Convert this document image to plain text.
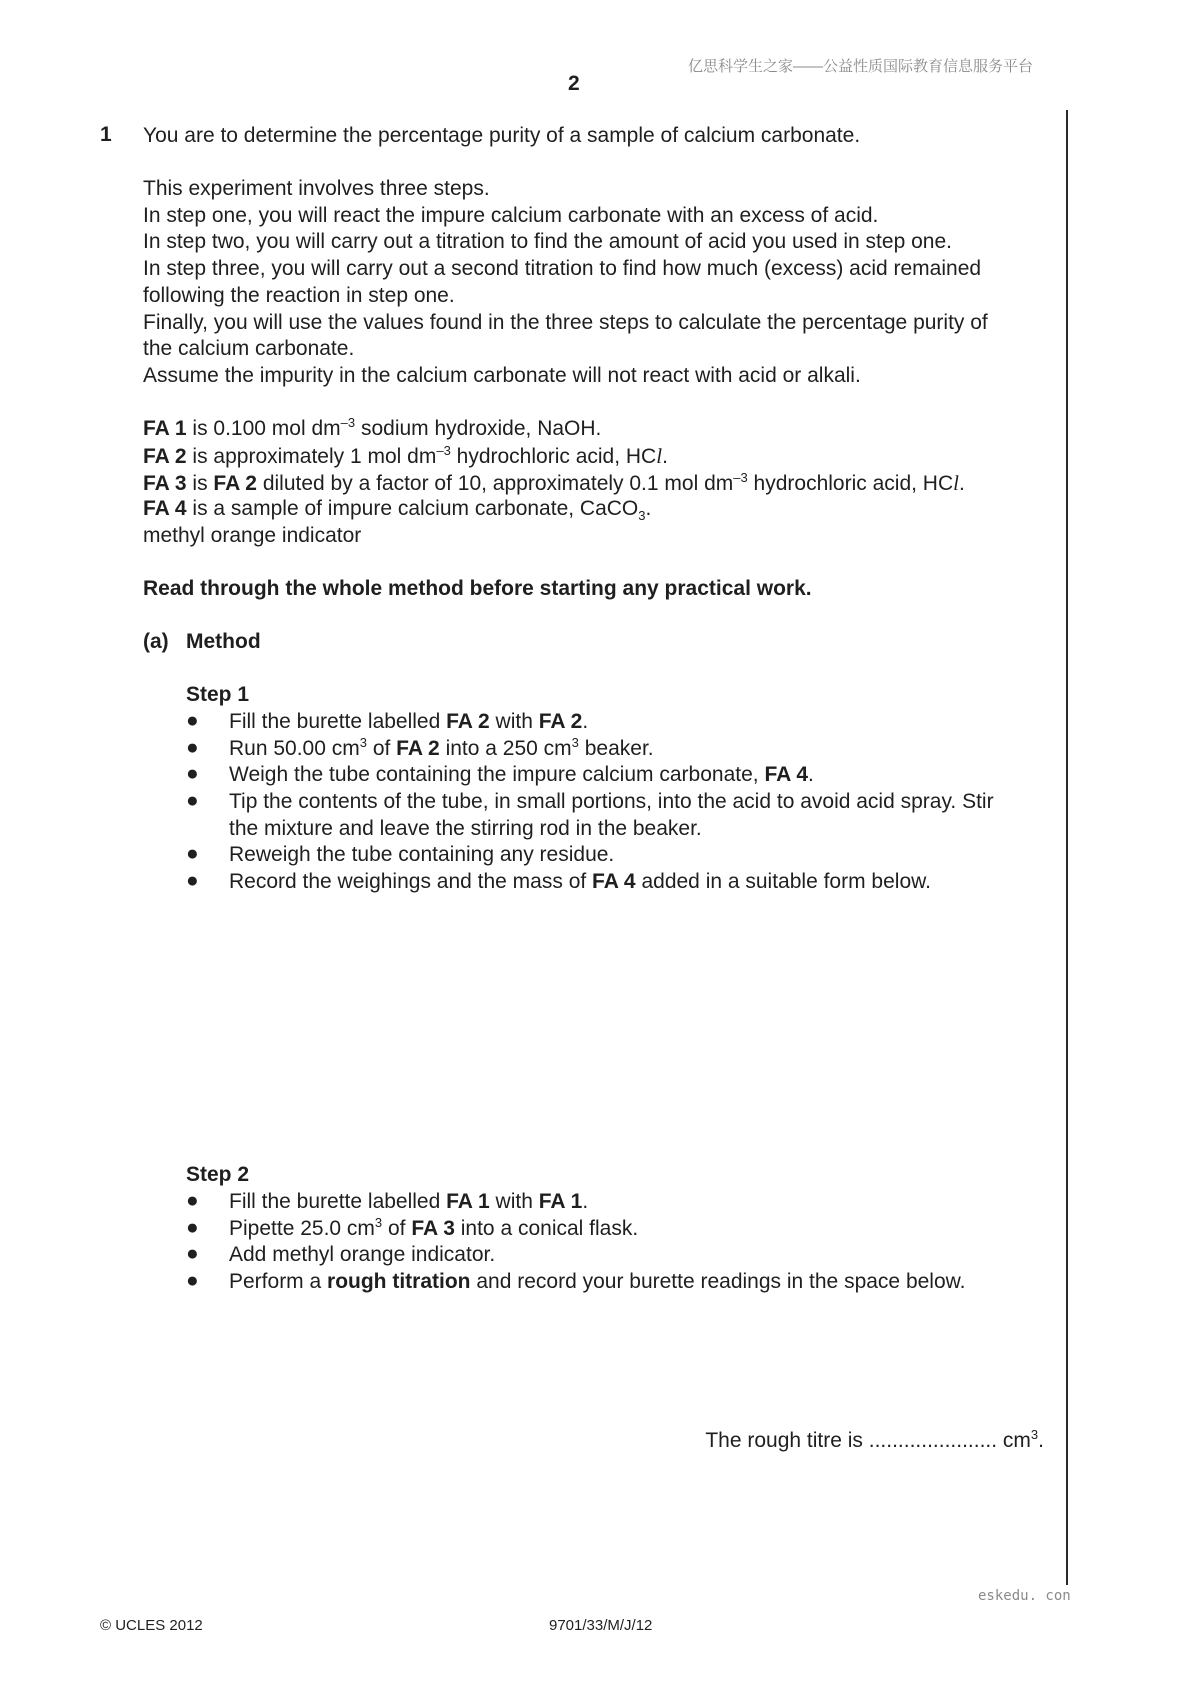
亿思科学生之家——公益性质国际教育信息服务平台
2
1 You are to determine the percentage purity of a sample of calcium carbonate.
This experiment involves three steps.
In step one, you will react the impure calcium carbonate with an excess of acid.
In step two, you will carry out a titration to find the amount of acid you used in step one.
In step three, you will carry out a second titration to find how much (excess) acid remained
following the reaction in step one.
Finally, you will use the values found in the three steps to calculate the percentage purity of
the calcium carbonate.
Assume the impurity in the calcium carbonate will not react with acid or alkali.
FA 1 is 0.100 mol $dm^{-3}$ sodium hydroxide, NaOH.
FA 2 is approximately 1 mol $dm^{-3}$ hydrochloric acid, HCl.
FA 3 is FA 2 diluted by a factor of 10, approximately 0.1 mol $dm^{-3}$ hydrochloric acid, HCl.
FA 4 is a sample of impure calcium carbonate, CaCO$_3$.
methyl orange indicator
Read through the whole method before starting any practical work.
(a) Method
Step 1
● Fill the burette labelled FA 2 with FA 2.
● Run 50.00 $cm^3$ of FA 2 into a 250 $cm^3$ beaker.
● Weigh the tube containing the impure calcium carbonate, FA 4.
● Tip the contents of the tube, in small portions, into the acid to avoid acid spray. Stir
the mixture and leave the stirring rod in the beaker.
● Reweigh the tube containing any residue.
● Record the weighings and the mass of FA 4 added in a suitable form below.
Step 2
● Fill the burette labelled FA 1 with FA 1.
● Pipette 25.0 $cm^3$ of FA 3 into a conical flask.
● Add methyl orange indicator.
● Perform a rough titration and record your burette readings in the space below.
The rough titre is ...................... $cm^3$.
eskedu. con
© UCLES 2012	9701/33/M/J/12
